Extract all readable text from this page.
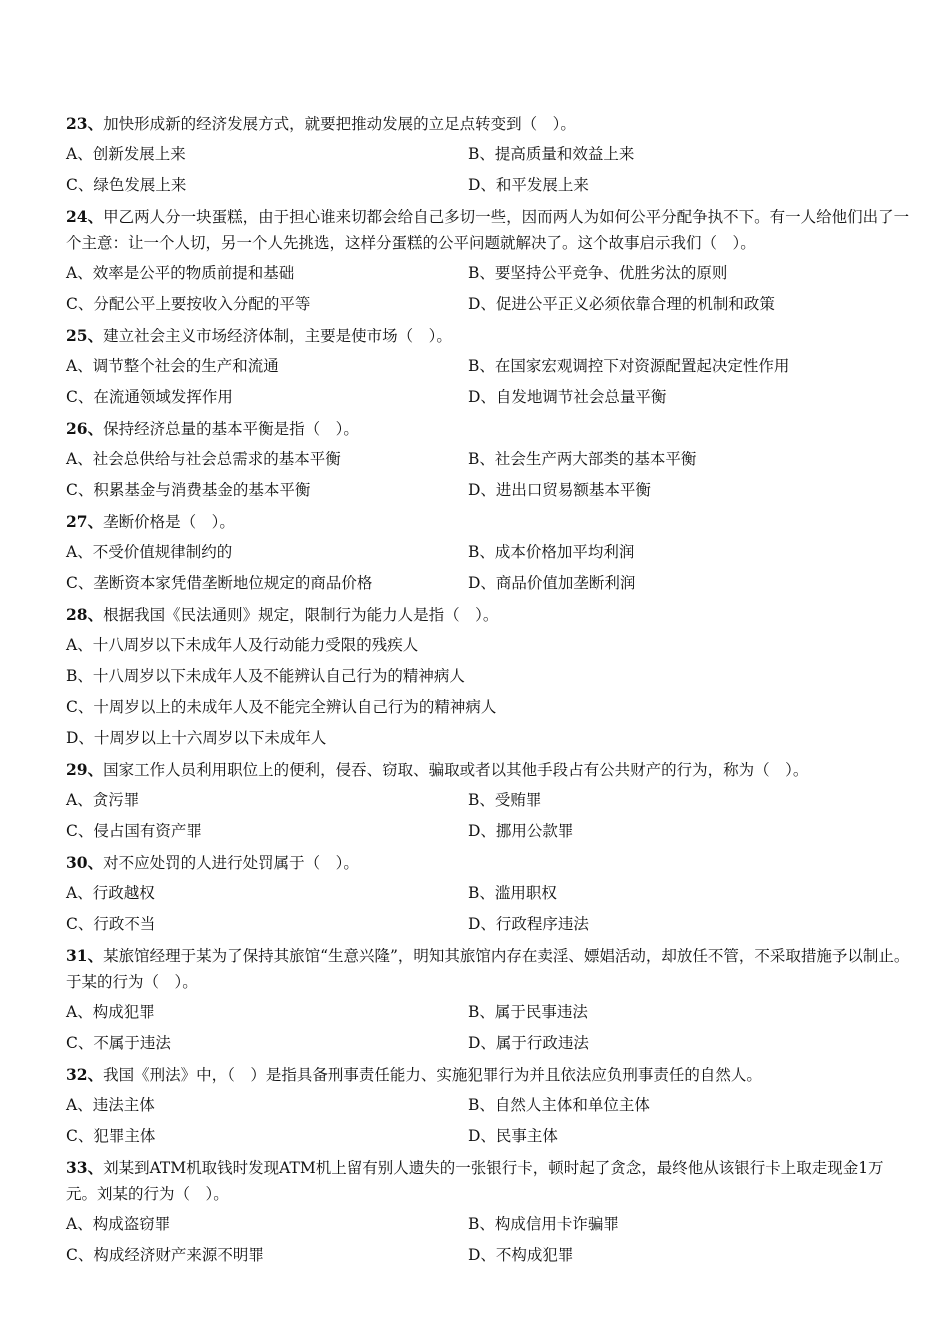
23、加快形成新的经济发展方式，就要把推动发展的立足点转变到（　）。
A、创新发展上来	B、提高质量和效益上来
C、绿色发展上来	D、和平发展上来
24、甲乙两人分一块蛋糕，由于担心谁来切都会给自己多切一些，因而两人为如何公平分配争执不下。有一人给他们出了一个主意：让一个人切，另一个人先挑选，这样分蛋糕的公平问题就解决了。这个故事启示我们（　）。
A、效率是公平的物质前提和基础	B、要坚持公平竞争、优胜劣汰的原则
C、分配公平上要按收入分配的平等	D、促进公平正义必须依靠合理的机制和政策
25、建立社会主义市场经济体制，主要是使市场（　）。
A、调节整个社会的生产和流通	B、在国家宏观调控下对资源配置起决定性作用
C、在流通领域发挥作用	D、自发地调节社会总量平衡
26、保持经济总量的基本平衡是指（　）。
A、社会总供给与社会总需求的基本平衡	B、社会生产两大部类的基本平衡
C、积累基金与消费基金的基本平衡	D、进出口贸易额基本平衡
27、垄断价格是（　）。
A、不受价值规律制约的	B、成本价格加平均利润
C、垄断资本家凭借垄断地位规定的商品价格	D、商品价值加垄断利润
28、根据我国《民法通则》规定，限制行为能力人是指（　）。
A、十八周岁以下未成年人及行动能力受限的残疾人
B、十八周岁以下未成年人及不能辨认自己行为的精神病人
C、十周岁以上的未成年人及不能完全辨认自己行为的精神病人
D、十周岁以上十六周岁以下未成年人
29、国家工作人员利用职位上的便利，侵吞、窃取、骗取或者以其他手段占有公共财产的行为，称为（　）。
A、贪污罪	B、受贿罪
C、侵占国有资产罪	D、挪用公款罪
30、对不应处罚的人进行处罚属于（　）。
A、行政越权	B、滥用职权
C、行政不当	D、行政程序违法
31、某旅馆经理于某为了保持其旅馆“生意兴隆”，明知其旅馆内存在卖淫、嫖娼活动，却放任不管，不采取措施予以制止。于某的行为（　）。
A、构成犯罪	B、属于民事违法
C、不属于违法	D、属于行政违法
32、我国《刑法》中，（　）是指具备刑事责任能力、实施犯罪行为并且依法应负刑事责任的自然人。
A、违法主体	B、自然人主体和单位主体
C、犯罪主体	D、民事主体
33、刘某到ATM机取钱时发现ATM机上留有别人遗失的一张银行卡，顿时起了贪念，最终他从该银行卡上取走现金1万元。刘某的行为（　）。
A、构成盗窃罪	B、构成信用卡诈骗罪
C、构成经济财产来源不明罪	D、不构成犯罪
